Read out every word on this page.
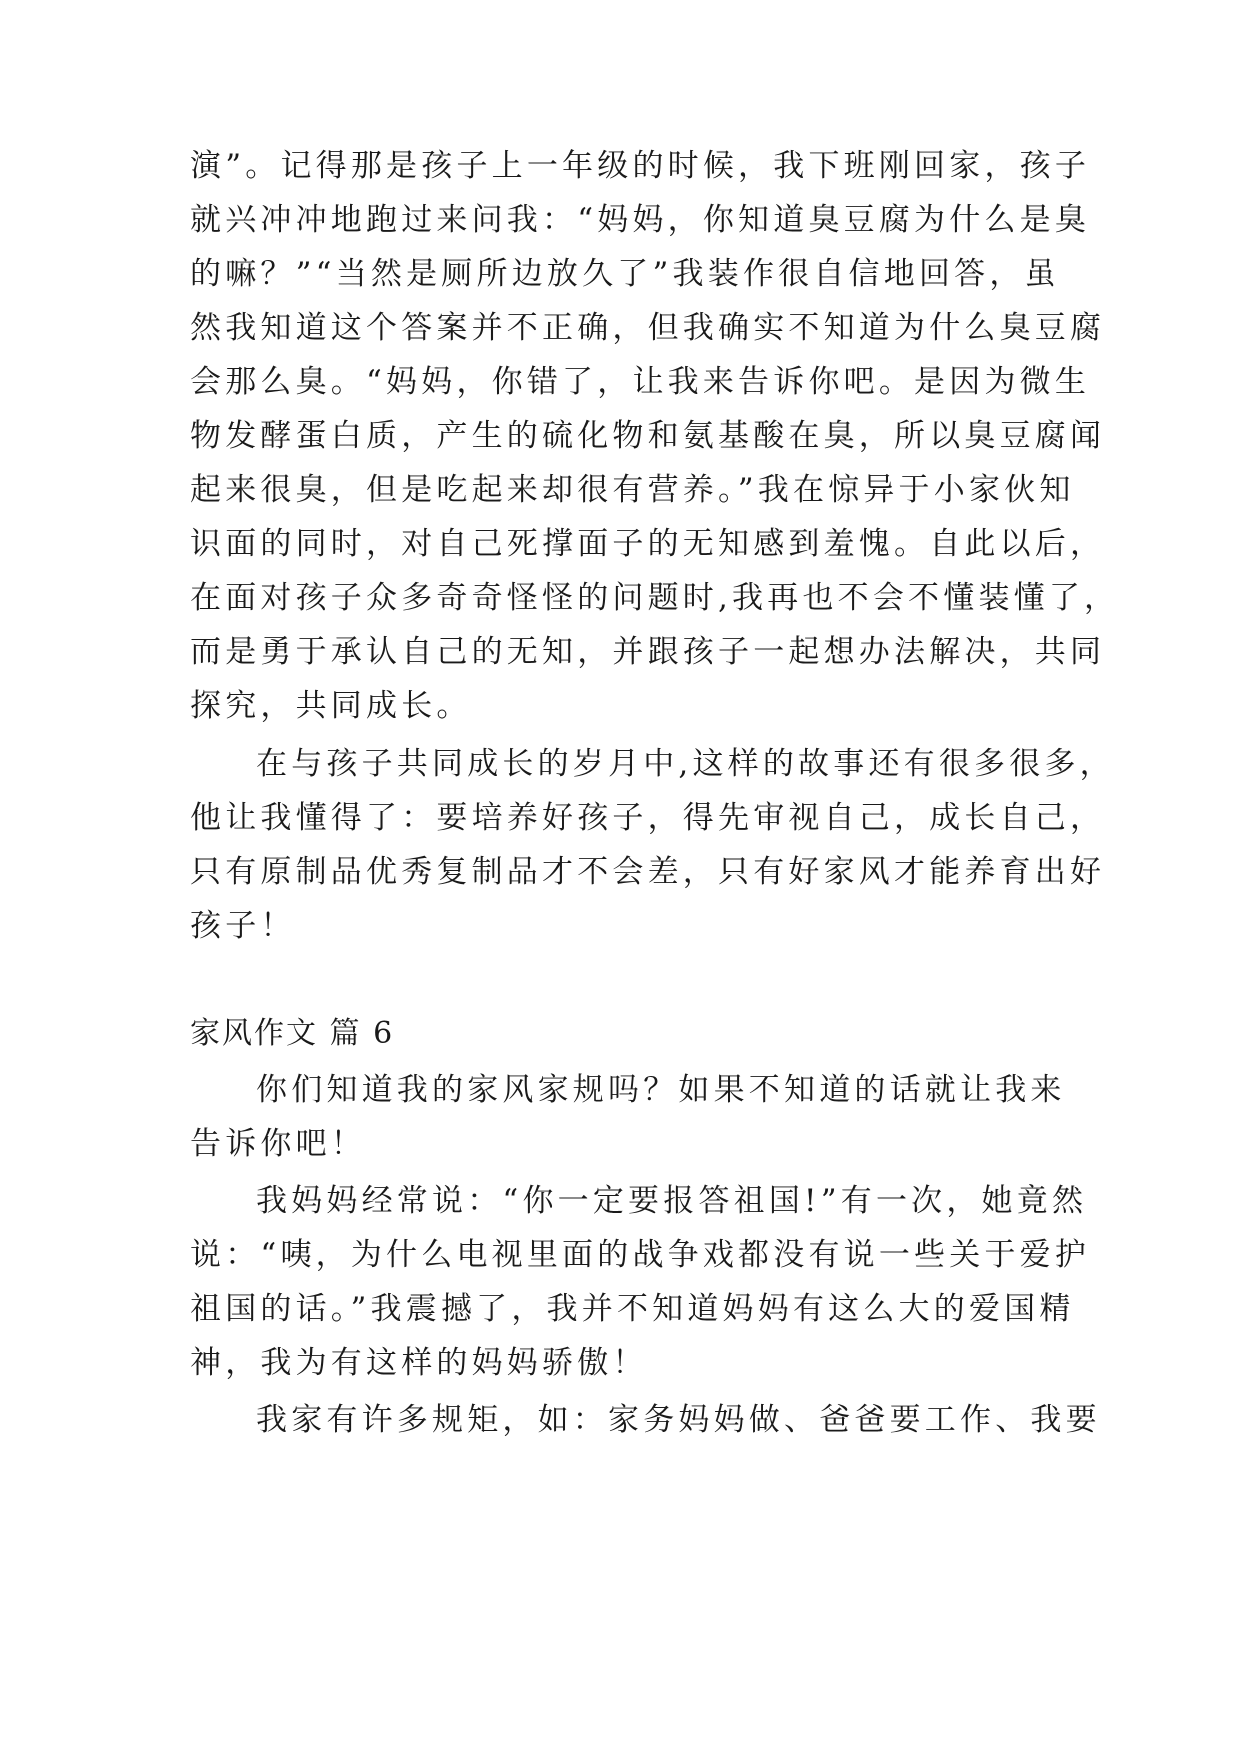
演”。记得那是孩子上一年级的时候，我下班刚回家，孩子
就兴冲冲地跑过来问我：“妈妈，你知道臭豆腐为什么是臭
的嘛？”“当然是厕所边放久了”我装作很自信地回答，虽
然我知道这个答案并不正确，但我确实不知道为什么臭豆腐
会那么臭。“妈妈，你错了，让我来告诉你吧。是因为微生
物发酵蛋白质，产生的硫化物和氨基酸在臭，所以臭豆腐闻
起来很臭，但是吃起来却很有营养。”我在惊异于小家伙知
识面的同时，对自己死撑面子的无知感到羞愧。自此以后，
在面对孩子众多奇奇怪怪的问题时,我再也不会不懂装懂了，
而是勇于承认自己的无知，并跟孩子一起想办法解决，共同
探究，共同成长。
在与孩子共同成长的岁月中,这样的故事还有很多很多，
他让我懂得了：要培养好孩子，得先审视自己，成长自己，
只有原制品优秀复制品才不会差，只有好家风才能养育出好
孩子！
家风作文 篇 6
你们知道我的家风家规吗？如果不知道的话就让我来
告诉你吧！
我妈妈经常说：“你一定要报答祖国!”有一次，她竟然
说：“咦，为什么电视里面的战争戏都没有说一些关于爱护
祖国的话。”我震撼了，我并不知道妈妈有这么大的爱国精
神，我为有这样的妈妈骄傲！
我家有许多规矩，如：家务妈妈做、爸爸要工作、我要
